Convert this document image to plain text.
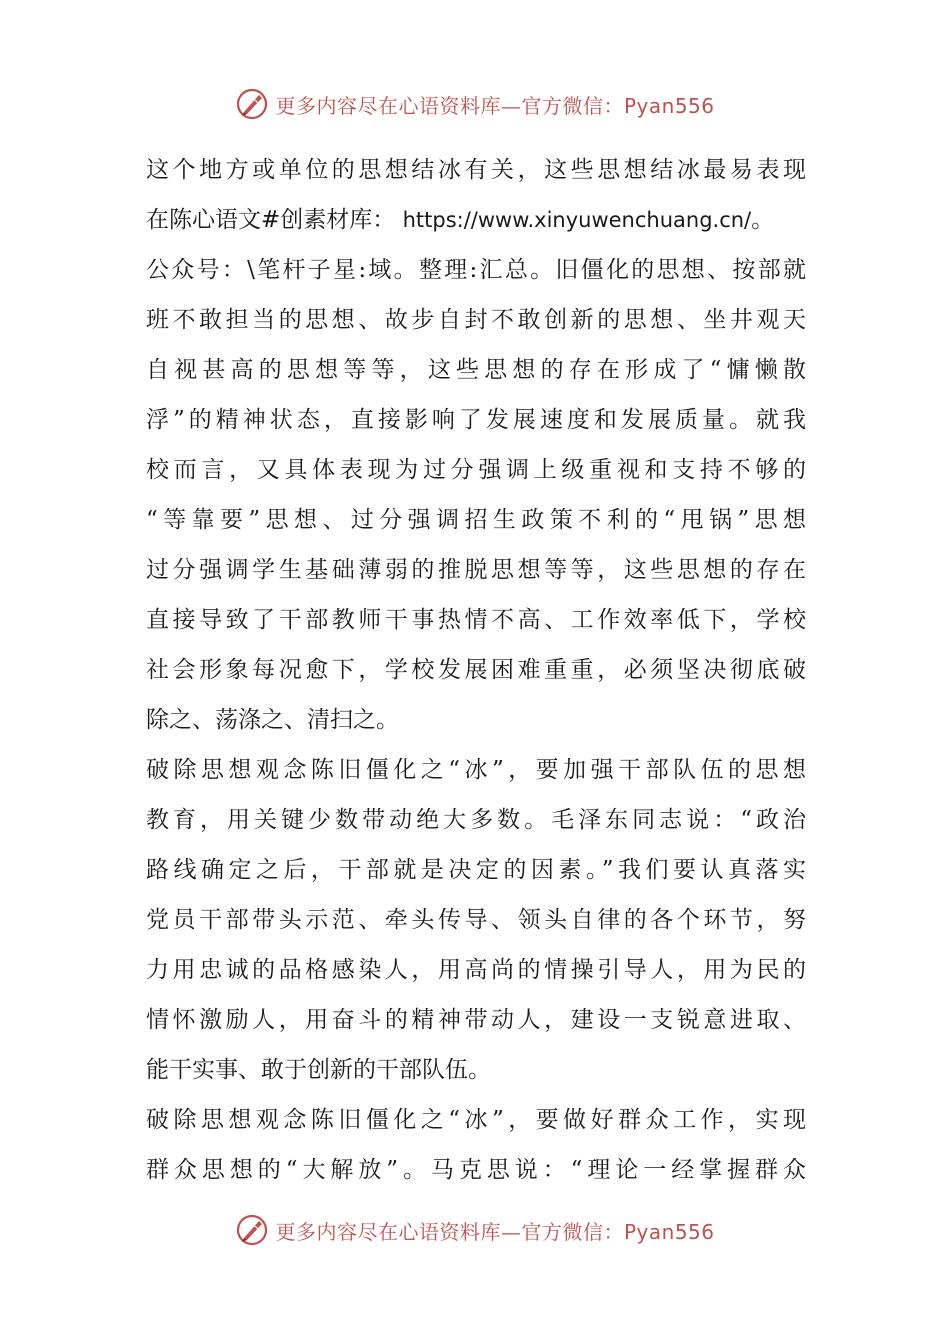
更多内容尽在心语资料库—官方微信：Pyan556
这个地方或单位的思想结冰有关，这些思想结冰最易表现
在陈心语文#创素材库： https://www.xinyuwenchuang.cn/。
公众号：\笔杆子星:域。整理:汇总。旧僵化的思想、按部就
班不敢担当的思想、故步自封不敢创新的思想、坐井观天
自视甚高的思想等等，这些思想的存在形成了“慵懒散
浮”的精神状态，直接影响了发展速度和发展质量。就我
校而言，又具体表现为过分强调上级重视和支持不够的
“等靠要”思想、过分强调招生政策不利的“甩锅”思想
过分强调学生基础薄弱的推脱思想等等，这些思想的存在
直接导致了干部教师干事热情不高、工作效率低下，学校
社会形象每况愈下，学校发展困难重重，必须坚决彻底破
除之、荡涤之、清扫之。
破除思想观念陈旧僵化之“冰”，要加强干部队伍的思想
教育，用关键少数带动绝大多数。毛泽东同志说：“政治
路线确定之后，干部就是决定的因素。”我们要认真落实
党员干部带头示范、牵头传导、领头自律的各个环节，努
力用忠诚的品格感染人，用高尚的情操引导人，用为民的
情怀激励人，用奋斗的精神带动人，建设一支锐意进取、
能干实事、敢于创新的干部队伍。
破除思想观念陈旧僵化之“冰”，要做好群众工作，实现
群众思想的“大解放”。马克思说：“理论一经掌握群众
更多内容尽在心语资料库—官方微信：Pyan556
